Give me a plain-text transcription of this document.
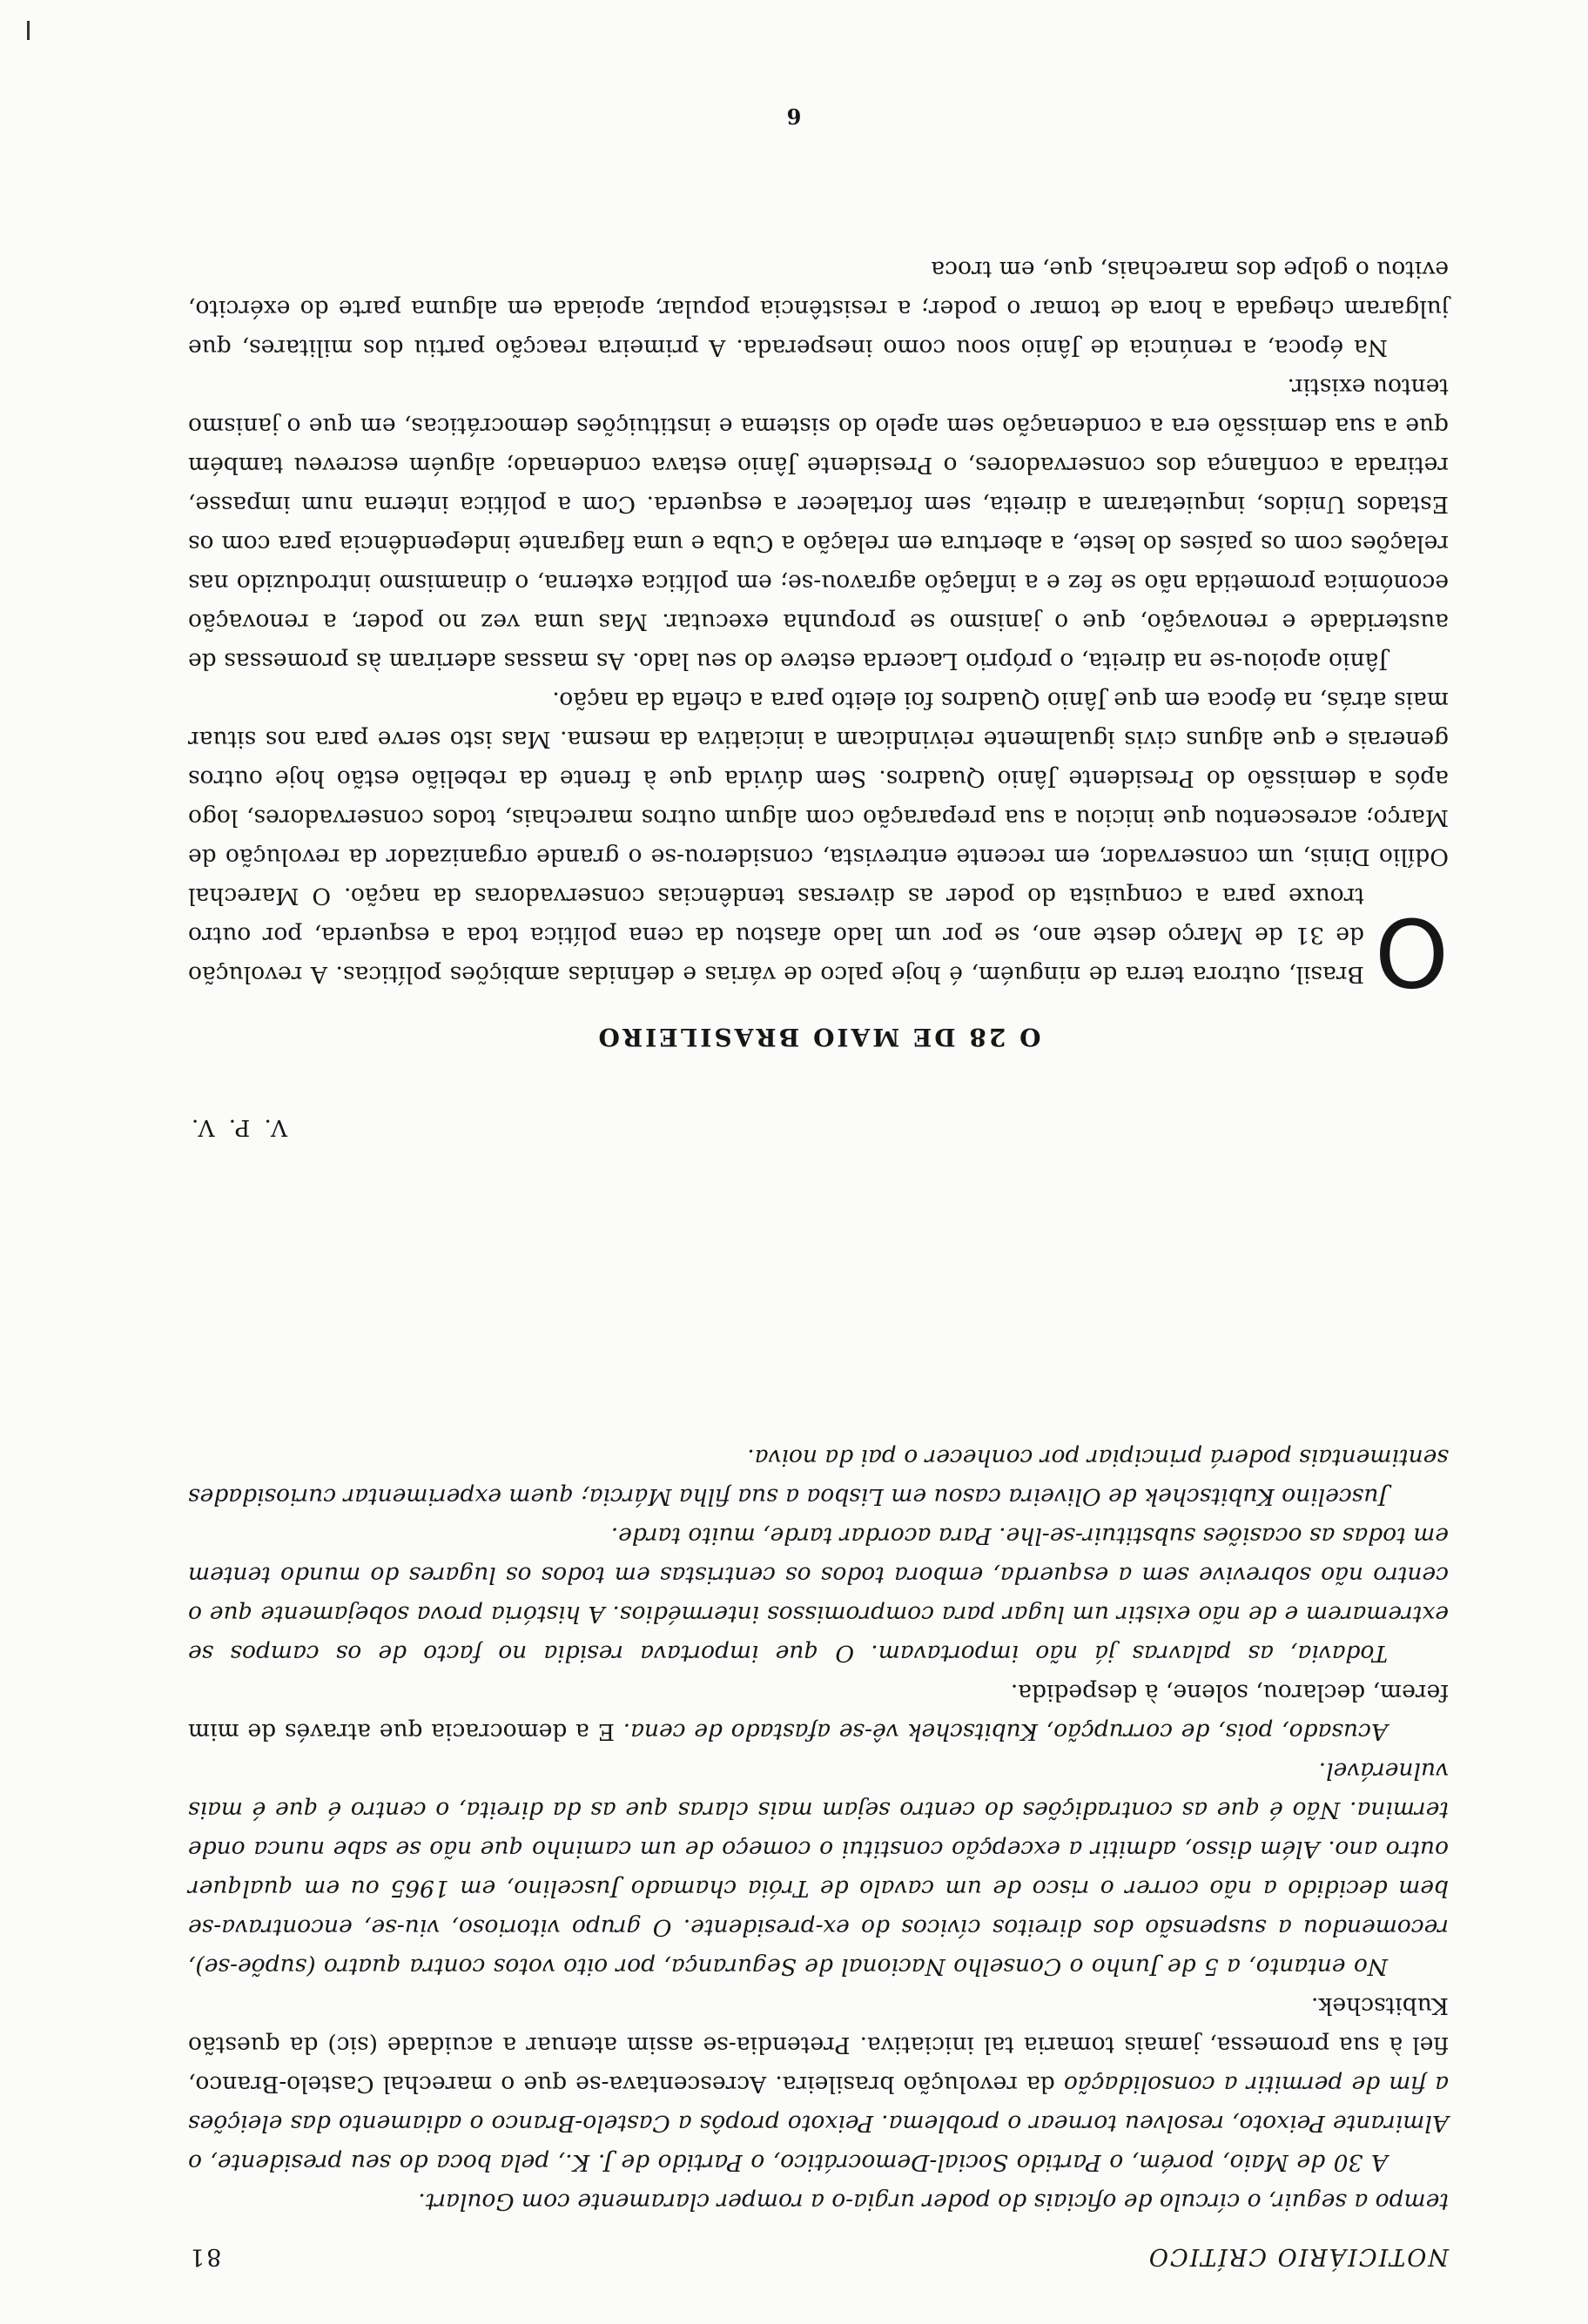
NOTICIÁRIO CRÍTICO
81

tempo a seguir, o círculo de oficiais do poder urgia-o a romper claramente com Goulart.

A 30 de Maio, porém, o Partido Social-Democrático, o Partido de J. K., pela boca do seu presidente, o Almirante Peixoto, resolveu tornear o problema. Peixoto propôs a Castelo-Branco o adiamento das eleições a fim de permitir a consolidação da revolução brasileira. Acrescentava-se que o marechal Castelo-Branco, fiel à sua promessa, jamais tomaria tal iniciativa. Pretendia-se assim atenuar a acuidade (sic) da questão Kubitschek.

No entanto, a 5 de Junho o Conselho Nacional de Segurança, por oito votos contra quatro (supõe-se), recomendou a suspensão dos direitos cívicos do ex-presidente. O grupo vitorioso, viu-se, encontrava-se bem decidido a não correr o risco de um cavalo de Tróia chamado Juscelino, em 1965 ou em qualquer outro ano. Além disso, admitir a excepção constitui o começo de um caminho que não se sabe nunca onde termina. Não é que as contradições do centro sejam mais claras que as da direita, o centro é que é mais vulnerável.

Acusado, pois, de corrupção, Kubitschek vê-se afastado de cena. E a democracia que através de mim ferem, declarou, solene, à despedida.

Todavia, as palavras já não importavam. O que importava residia no facto de os campos se extremarem e de não existir um lugar para compromissos intermédios. A história prova sobejamente que o centro não sobrevive sem a esquerda, embora todos os centristas em todos os lugares do mundo tentem em todas as ocasiões substituir-se-lhe. Para acordar tarde, muito tarde.

Juscelino Kubitschek de Oliveira casou em Lisboa a sua filha Márcia; quem experimentar curiosidades sentimentais poderá principiar por conhecer o pai da noiva.

V. P. V.
O 28 DE MAIO BRASILEIRO

O
Brasil, outrora terra de ninguém, é hoje palco de várias e definidas ambições políticas. A revolução de 31 de Março deste ano, se por um lado afastou da cena política toda a esquerda, por outro trouxe para a conquista do poder as diversas tendências conservadoras da nação. O Marechal Odílio Dinis, um conservador, em recente entrevista, considerou-se o grande organizador da revolução de Março; acrescentou que iniciou a sua preparação com algum outros marechais, todos conservadores, logo após a demissão do Presidente Jânio Quadros. Sem dúvida que à frente da rebelião estão hoje outros generais e que alguns civis igualmente reivindicam a iniciativa da mesma. Mas isto serve para nos situar mais atrás, na época em que Jânio Quadros foi eleito para a chefia da nação.

Jânio apoiou-se na direita, o próprio Lacerda esteve do seu lado. As massas aderiram às promessas de austeridade e renovação, que o janismo se propunha executar. Mas uma vez no poder, a renovação económica prometida não se fez e a inflação agravou-se; em política externa, o dinamismo introduzido nas relações com os países do leste, a abertura em relação a Cuba e uma flagrante independência para com os Estados Unidos, inquietaram a direita, sem fortalecer a esquerda. Com a política interna num impasse, retirada a confiança dos conservadores, o Presidente Jânio estava condenado; alguém escreveu também que a sua demissão era a condenação sem apelo do sistema e instituições democráticas, em que o janismo tentou existir.

Na época, a renúncia de Jânio soou como inesperada. A primeira reacção partiu dos militares, que julgaram chegada a hora de tomar o poder; a resistência popular, apoiada em alguma parte do exército, evitou o golpe dos marechais, que, em troca

6
